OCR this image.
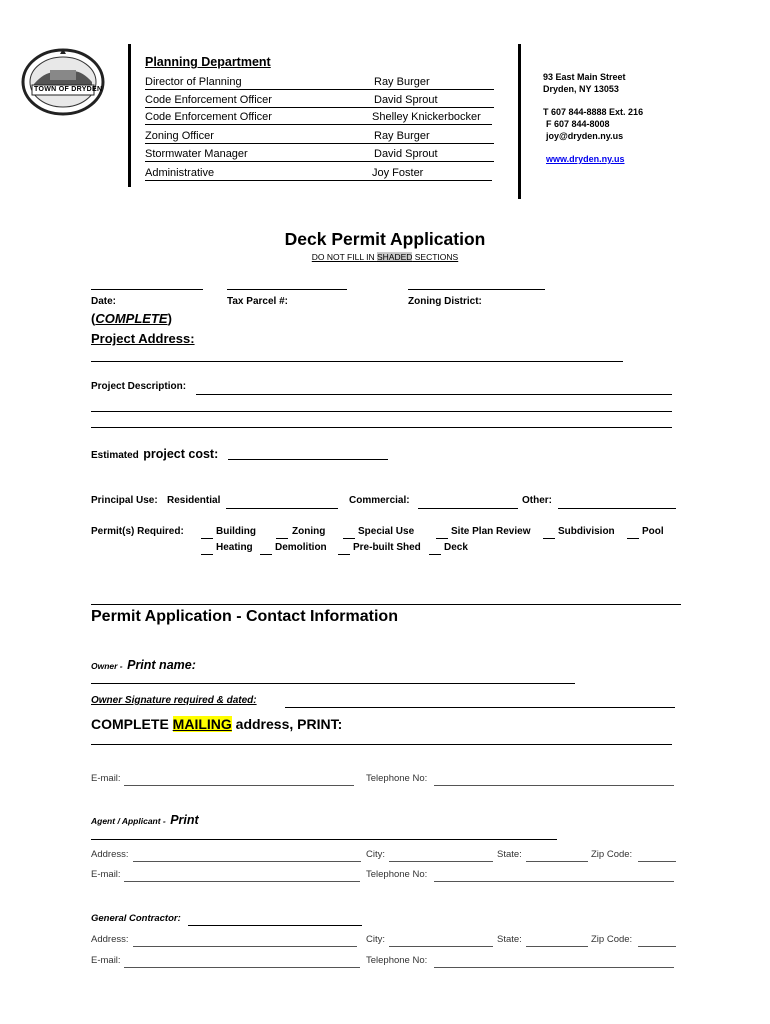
TOWN OF DRYDEN
Planning Department
Director of Planning	Ray Burger
Code Enforcement Officer	David Sprout
Code Enforcement Officer	Shelley Knickerbocker
Zoning Officer	Ray Burger
Stormwater Manager	David Sprout
Administrative	Joy Foster
93 East Main Street
Dryden, NY 13053
T 607 844-8888 Ext. 216
F 607 844-8008
joy@dryden.ny.us
www.dryden.ny.us
Deck Permit Application
DO NOT FILL IN SHADED SECTIONS
Date:	Tax Parcel #:	Zoning District:
(COMPLETE)
Project Address:
Project Description:
Estimated project cost:
Principal Use: Residential	Commercial:	Other:
Permit(s) Required:	Building	Zoning	Special Use	Site Plan Review	Subdivision	Pool
Heating Demolition	Pre-built Shed Deck
Permit Application - Contact Information
Owner - Print name:
Owner Signature required & dated:
COMPLETE MAILING address, PRINT:
E-mail:	Telephone No:
Agent / Applicant - Print
Address:	City:	State:	Zip Code:
E-mail:	Telephone No:
General Contractor:
Address:	City:	State:	Zip Code:
E-mail:	Telephone No:
